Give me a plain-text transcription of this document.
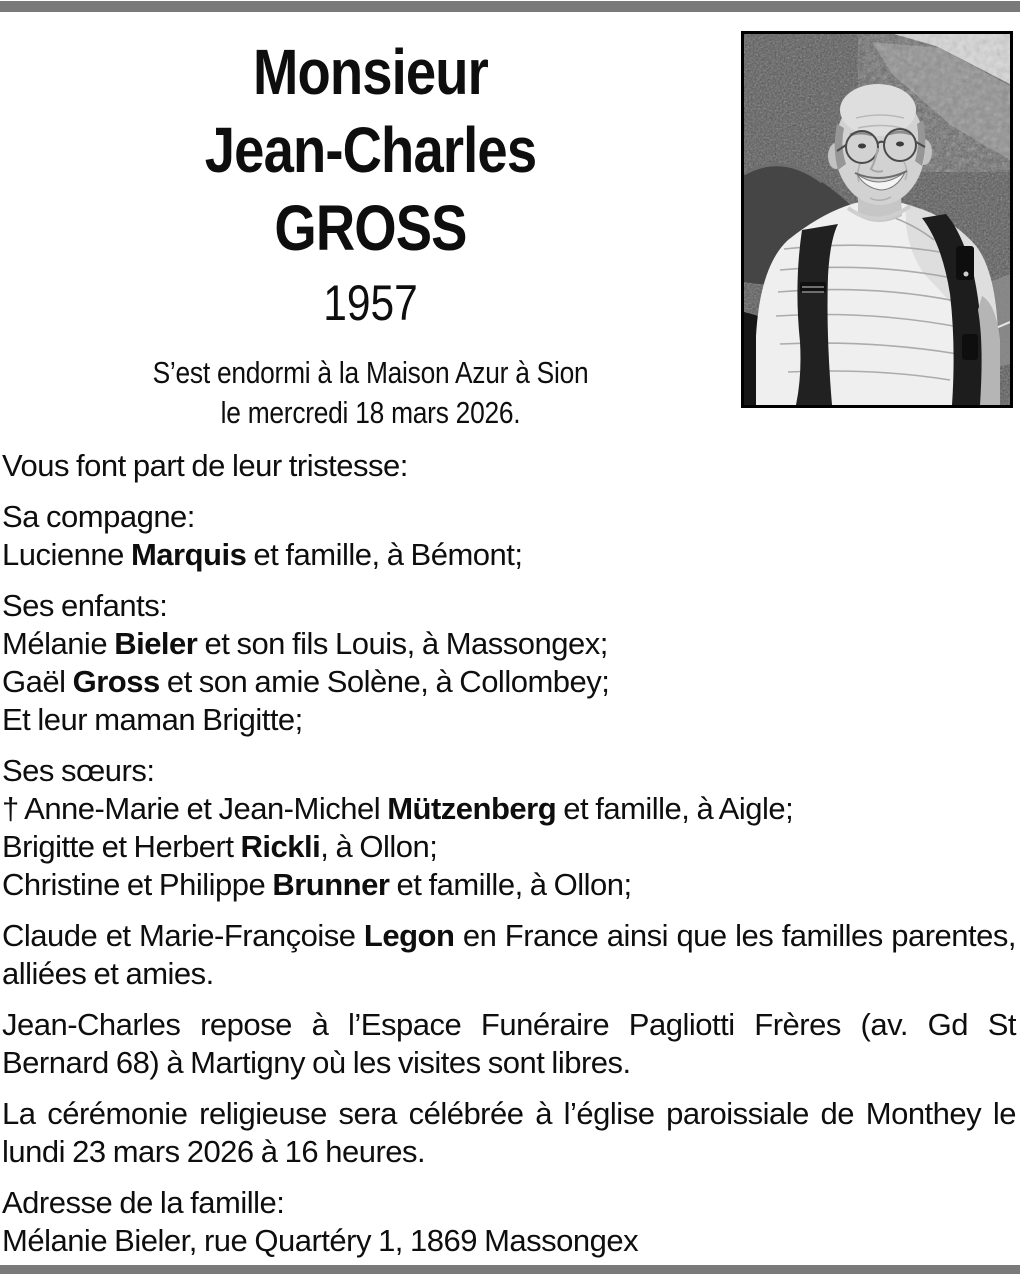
Monsieur
Jean-Charles
GROSS
1957
S’est endormi à la Maison Azur à Sion
le mercredi 18 mars 2026.

Vous font part de leur tristesse:

Sa compagne:
Lucienne Marquis et famille, à Bémont;

Ses enfants:
Mélanie Bieler et son fils Louis, à Massongex;
Gaël Gross et son amie Solène, à Collombey;
Et leur maman Brigitte;

Ses sœurs:
† Anne-Marie et Jean-Michel Mützenberg et famille, à Aigle;
Brigitte et Herbert Rickli, à Ollon;
Christine et Philippe Brunner et famille, à Ollon;

Claude et Marie-Françoise Legon en France ainsi que les familles parentes, alliées et amies.

Jean-Charles repose à l’Espace Funéraire Pagliotti Frères (av. Gd St Bernard 68) à Martigny où les visites sont libres.

La cérémonie religieuse sera célébrée à l’église paroissiale de Monthey le lundi 23 mars 2026 à 16 heures.

Adresse de la famille:
Mélanie Bieler, rue Quartéry 1, 1869 Massongex
